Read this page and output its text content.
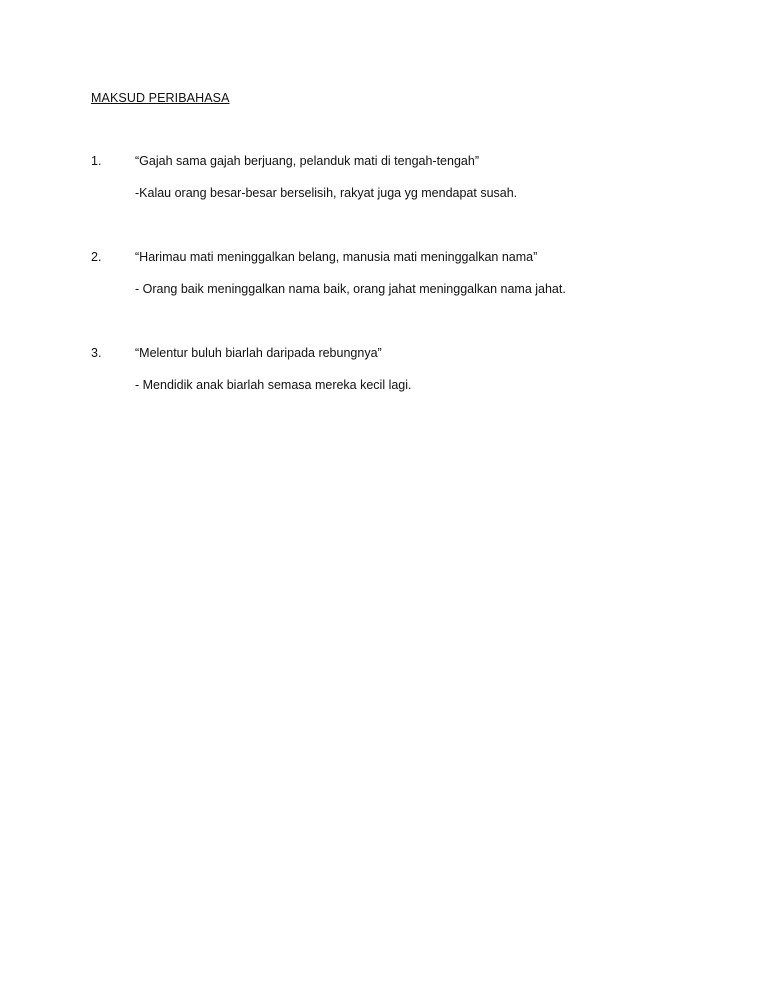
MAKSUD PERIBAHASA
1.	“Gajah sama gajah berjuang, pelanduk mati di tengah-tengah”
-Kalau orang besar-besar berselisih, rakyat juga yg mendapat susah.
2.	“Harimau mati meninggalkan belang, manusia mati meninggalkan nama”
- Orang baik meninggalkan nama baik, orang jahat meninggalkan nama jahat.
3.	“Melentur buluh biarlah daripada rebungnya”
- Mendidik anak biarlah semasa mereka kecil lagi.
